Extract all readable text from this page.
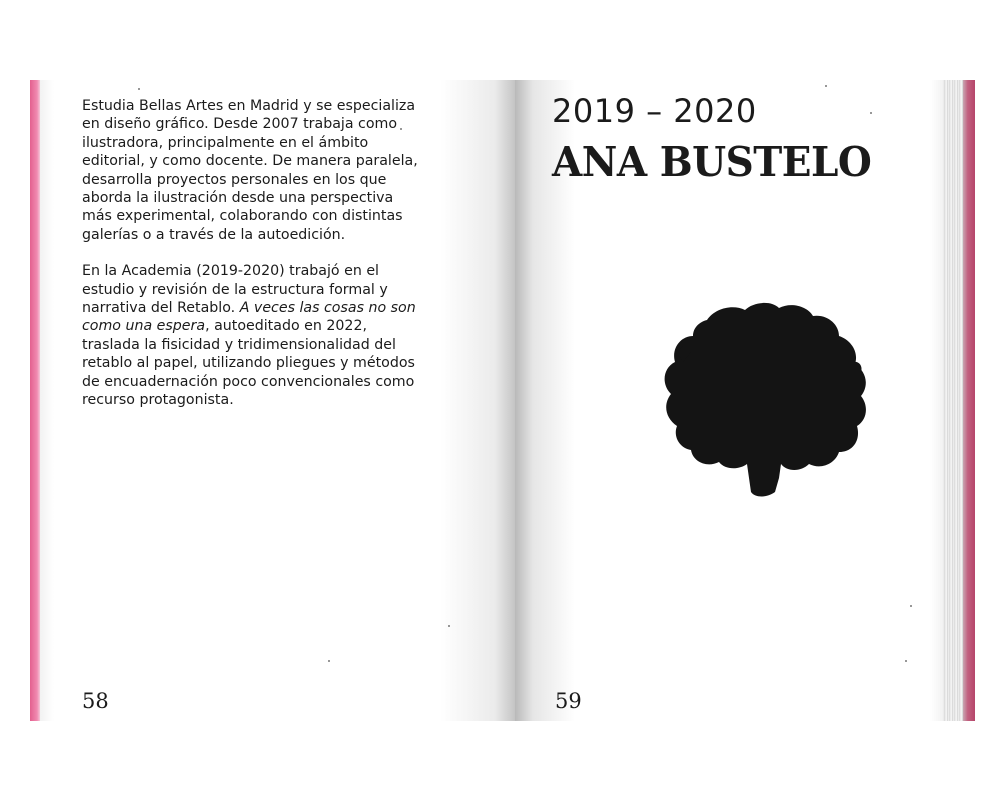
Estudia Bellas Artes en Madrid y se especializa en diseño gráfico. Desde 2007 trabaja como ilustradora, principalmente en el ámbito editorial, y como docente. De manera paralela, desarrolla proyectos personales en los que aborda la ilustración desde una perspectiva más experimental, colaborando con distintas galerías o a través de la autoedición.

En la Academia (2019-2020) trabajó en el estudio y revisión de la estructura formal y narrativa del Retablo. A veces las cosas no son como una espera, autoeditado en 2022, traslada la fisicidad y tridimensionalidad del retablo al papel, utilizando pliegues y métodos de encuadernación poco convencionales como recurso protagonista.

58
2019 – 2020
ANA BUSTELO
59
